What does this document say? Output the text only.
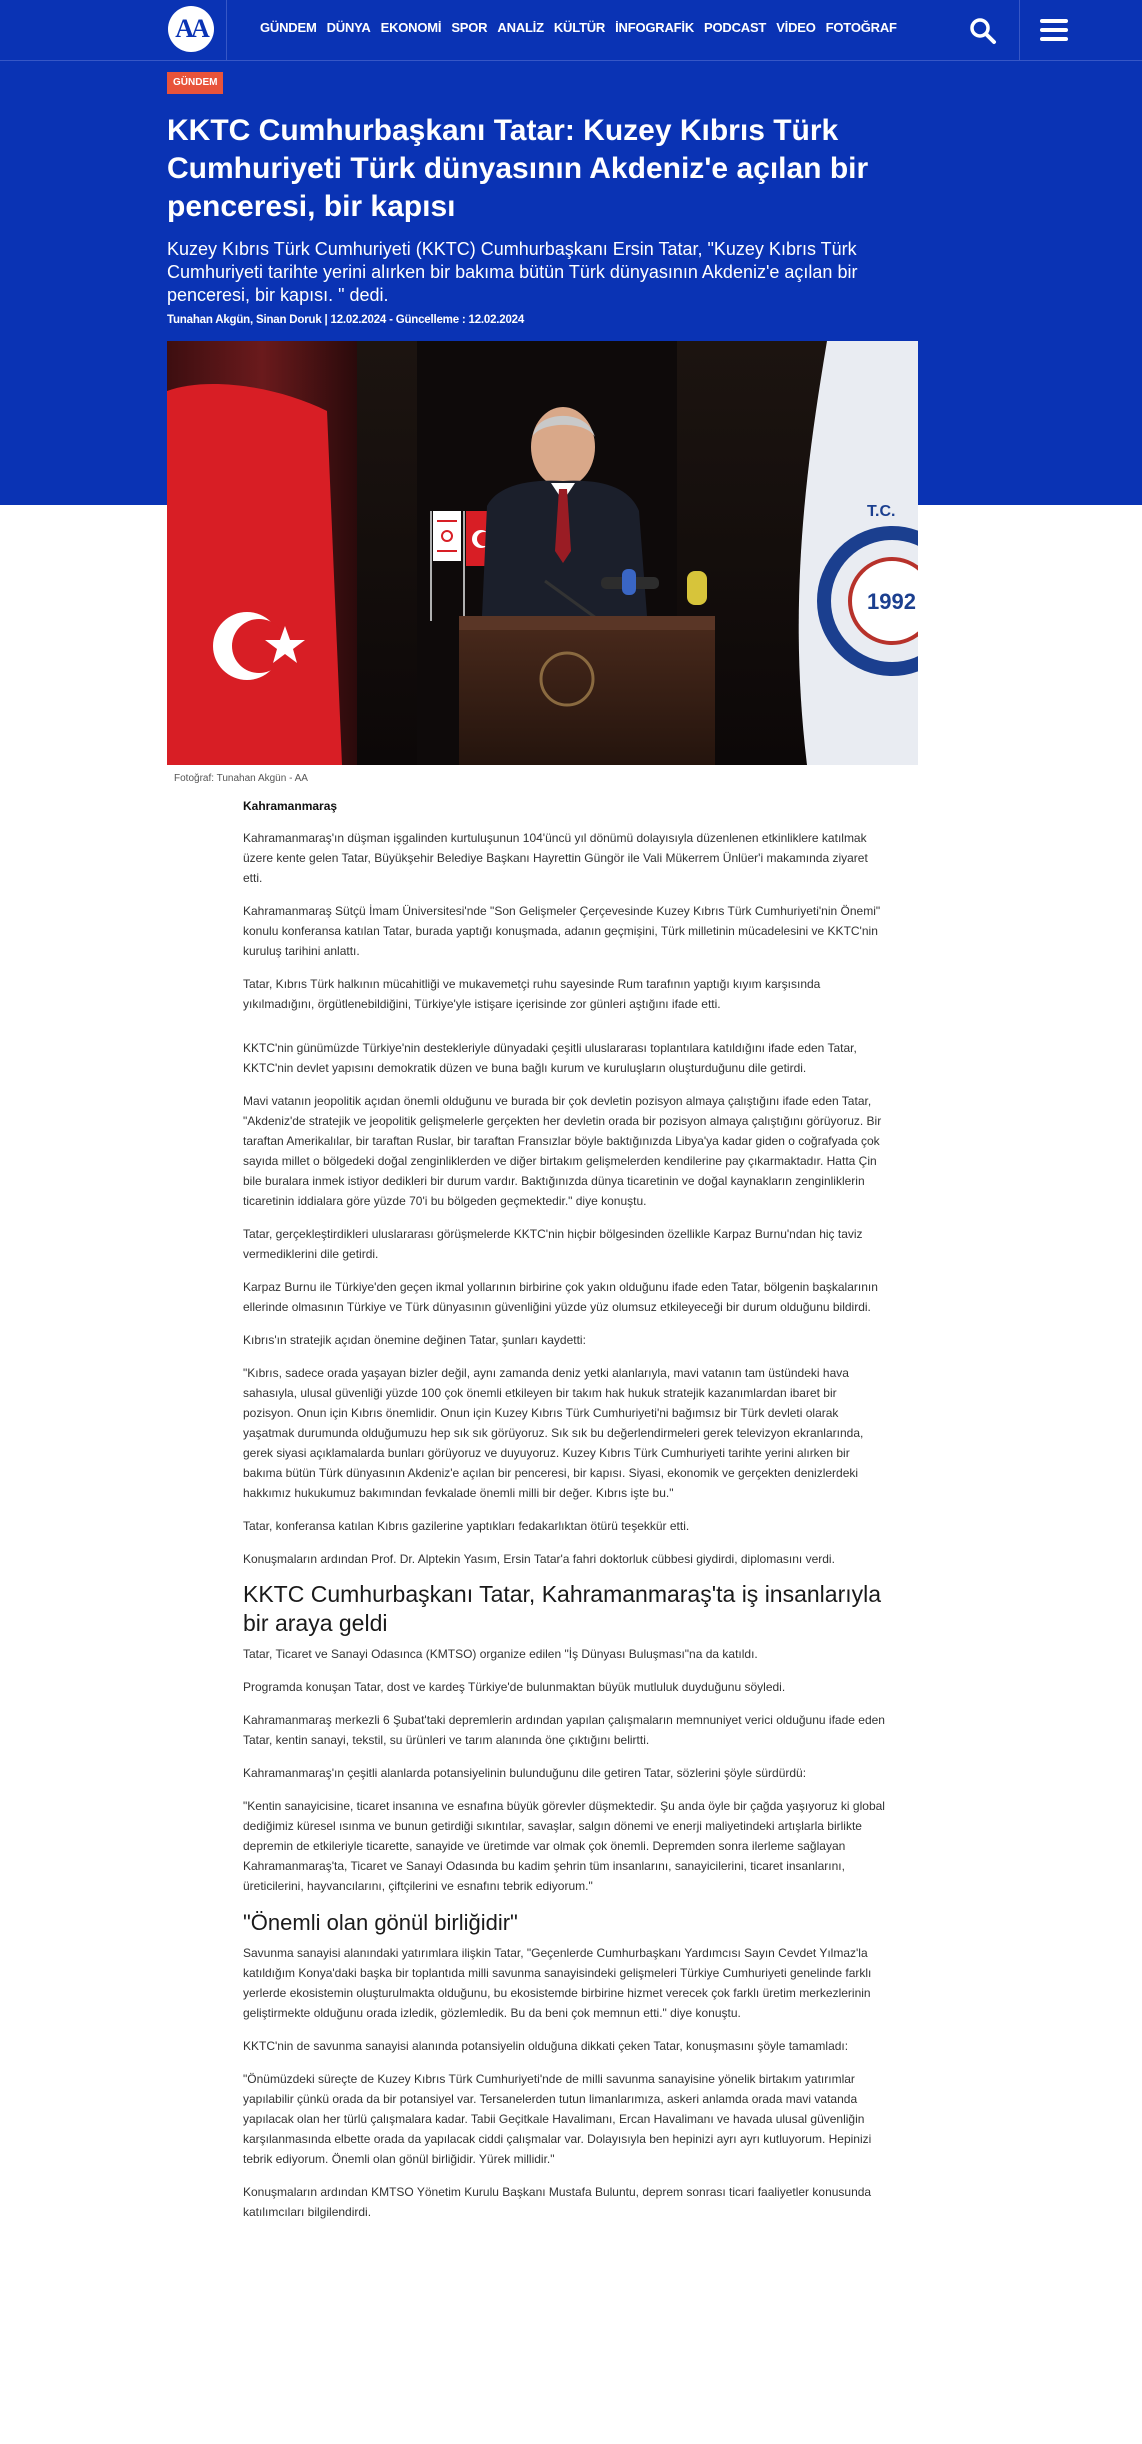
AA	GÜNDEM DÜNYA EKONOMİ SPOR ANALİZ KÜLTÜR İNFOGRAFİK PODCAST VİDEO FOTOĞRAF
GÜNDEM
KKTC Cumhurbaşkanı Tatar: Kuzey Kıbrıs Türk Cumhuriyeti Türk dünyasının Akdeniz'e açılan bir penceresi, bir kapısı

Kuzey Kıbrıs Türk Cumhuriyeti (KKTC) Cumhurbaşkanı Ersin Tatar, "Kuzey Kıbrıs Türk Cumhuriyeti tarihte yerini alırken bir bakıma bütün Türk dünyasının Akdeniz'e açılan bir penceresi, bir kapısı. " dedi.

Tunahan Akgün, Sinan Doruk | 12.02.2024 - Güncelleme : 12.02.2024
T.C.
1992
Fotoğraf: Tunahan Akgün - AA

Kahramanmaraş

Kahramanmaraş'ın düşman işgalinden kurtuluşunun 104'üncü yıl dönümü dolayısıyla düzenlenen etkinliklere katılmak üzere kente gelen Tatar, Büyükşehir Belediye Başkanı Hayrettin Güngör ile Vali Mükerrem Ünlüer'i makamında ziyaret etti.

Kahramanmaraş Sütçü İmam Üniversitesi'nde "Son Gelişmeler Çerçevesinde Kuzey Kıbrıs Türk Cumhuriyeti'nin Önemi" konulu konferansa katılan Tatar, burada yaptığı konuşmada, adanın geçmişini, Türk milletinin mücadelesini ve KKTC'nin kuruluş tarihini anlattı.

Tatar, Kıbrıs Türk halkının mücahitliği ve mukavemetçi ruhu sayesinde Rum tarafının yaptığı kıyım karşısında yıkılmadığını, örgütlenebildiğini, Türkiye'yle istişare içerisinde zor günleri aştığını ifade etti.

KKTC'nin günümüzde Türkiye'nin destekleriyle dünyadaki çeşitli uluslararası toplantılara katıldığını ifade eden Tatar, KKTC'nin devlet yapısını demokratik düzen ve buna bağlı kurum ve kuruluşların oluşturduğunu dile getirdi.

Mavi vatanın jeopolitik açıdan önemli olduğunu ve burada bir çok devletin pozisyon almaya çalıştığını ifade eden Tatar, "Akdeniz'de stratejik ve jeopolitik gelişmelerle gerçekten her devletin orada bir pozisyon almaya çalıştığını görüyoruz. Bir taraftan Amerikalılar, bir taraftan Ruslar, bir taraftan Fransızlar böyle baktığınızda Libya'ya kadar giden o coğrafyada çok sayıda millet o bölgedeki doğal zenginliklerden ve diğer birtakım gelişmelerden kendilerine pay çıkarmaktadır. Hatta Çin bile buralara inmek istiyor dedikleri bir durum vardır. Baktığınızda dünya ticaretinin ve doğal kaynakların zenginliklerin ticaretinin iddialara göre yüzde 70'i bu bölgeden geçmektedir." diye konuştu.

Tatar, gerçekleştirdikleri uluslararası görüşmelerde KKTC'nin hiçbir bölgesinden özellikle Karpaz Burnu'ndan hiç taviz vermediklerini dile getirdi.

Karpaz Burnu ile Türkiye'den geçen ikmal yollarının birbirine çok yakın olduğunu ifade eden Tatar, bölgenin başkalarının ellerinde olmasının Türkiye ve Türk dünyasının güvenliğini yüzde yüz olumsuz etkileyeceği bir durum olduğunu bildirdi.

Kıbrıs'ın stratejik açıdan önemine değinen Tatar, şunları kaydetti:

"Kıbrıs, sadece orada yaşayan bizler değil, aynı zamanda deniz yetki alanlarıyla, mavi vatanın tam üstündeki hava sahasıyla, ulusal güvenliği yüzde 100 çok önemli etkileyen bir takım hak hukuk stratejik kazanımlardan ibaret bir pozisyon. Onun için Kıbrıs önemlidir. Onun için Kuzey Kıbrıs Türk Cumhuriyeti'ni bağımsız bir Türk devleti olarak yaşatmak durumunda olduğumuzu hep sık sık görüyoruz. Sık sık bu değerlendirmeleri gerek televizyon ekranlarında, gerek siyasi açıklamalarda bunları görüyoruz ve duyuyoruz. Kuzey Kıbrıs Türk Cumhuriyeti tarihte yerini alırken bir bakıma bütün Türk dünyasının Akdeniz'e açılan bir penceresi, bir kapısı. Siyasi, ekonomik ve gerçekten denizlerdeki hakkımız hukukumuz bakımından fevkalade önemli milli bir değer. Kıbrıs işte bu."

Tatar, konferansa katılan Kıbrıs gazilerine yaptıkları fedakarlıktan ötürü teşekkür etti.

Konuşmaların ardından Prof. Dr. Alptekin Yasım, Ersin Tatar'a fahri doktorluk cübbesi giydirdi, diplomasını verdi.

KKTC Cumhurbaşkanı Tatar, Kahramanmaraş'ta iş insanlarıyla bir araya geldi

Tatar, Ticaret ve Sanayi Odasınca (KMTSO) organize edilen "İş Dünyası Buluşması"na da katıldı.

Programda konuşan Tatar, dost ve kardeş Türkiye'de bulunmaktan büyük mutluluk duyduğunu söyledi.

Kahramanmaraş merkezli 6 Şubat'taki depremlerin ardından yapılan çalışmaların memnuniyet verici olduğunu ifade eden Tatar, kentin sanayi, tekstil, su ürünleri ve tarım alanında öne çıktığını belirtti.

Kahramanmaraş'ın çeşitli alanlarda potansiyelinin bulunduğunu dile getiren Tatar, sözlerini şöyle sürdürdü:

"Kentin sanayicisine, ticaret insanına ve esnafına büyük görevler düşmektedir. Şu anda öyle bir çağda yaşıyoruz ki global dediğimiz küresel ısınma ve bunun getirdiği sıkıntılar, savaşlar, salgın dönemi ve enerji maliyetindeki artışlarla birlikte depremin de etkileriyle ticarette, sanayide ve üretimde var olmak çok önemli. Depremden sonra ilerleme sağlayan Kahramanmaraş'ta, Ticaret ve Sanayi Odasında bu kadim şehrin tüm insanlarını, sanayicilerini, ticaret insanlarını, üreticilerini, hayvancılarını, çiftçilerini ve esnafını tebrik ediyorum."

"Önemli olan gönül birliğidir"

Savunma sanayisi alanındaki yatırımlara ilişkin Tatar, "Geçenlerde Cumhurbaşkanı Yardımcısı Sayın Cevdet Yılmaz'la katıldığım Konya'daki başka bir toplantıda milli savunma sanayisindeki gelişmeleri Türkiye Cumhuriyeti genelinde farklı yerlerde ekosistemin oluşturulmakta olduğunu, bu ekosistemde birbirine hizmet verecek çok farklı üretim merkezlerinin geliştirmekte olduğunu orada izledik, gözlemledik. Bu da beni çok memnun etti." diye konuştu.

KKTC'nin de savunma sanayisi alanında potansiyelin olduğuna dikkati çeken Tatar, konuşmasını şöyle tamamladı:

"Önümüzdeki süreçte de Kuzey Kıbrıs Türk Cumhuriyeti'nde de milli savunma sanayisine yönelik birtakım yatırımlar yapılabilir çünkü orada da bir potansiyel var. Tersanelerden tutun limanlarımıza, askeri anlamda orada mavi vatanda yapılacak olan her türlü çalışmalara kadar. Tabii Geçitkale Havalimanı, Ercan Havalimanı ve havada ulusal güvenliğin karşılanmasında elbette orada da yapılacak ciddi çalışmalar var. Dolayısıyla ben hepinizi ayrı ayrı kutluyorum. Hepinizi tebrik ediyorum. Önemli olan gönül birliğidir. Yürek millidir."

Konuşmaların ardından KMTSO Yönetim Kurulu Başkanı Mustafa Buluntu, deprem sonrası ticari faaliyetler konusunda katılımcıları bilgilendirdi.
